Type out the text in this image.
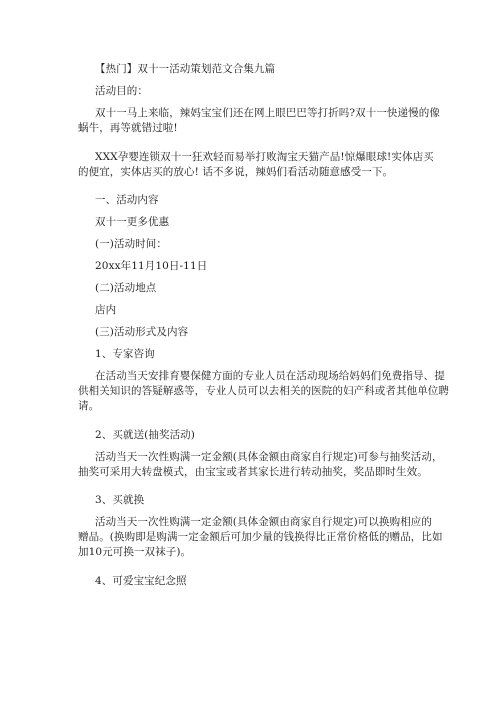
【热门】双十一活动策划范文合集九篇
活动目的：
双十一马上来临，辣妈宝宝们还在网上眼巴巴等打折吗?双十一快递慢的像
蜗牛，再等就错过啦!
XXX孕婴连锁双十一狂欢轻而易举打败淘宝天猫产品!惊爆眼球!实体店买
的便宜，实体店买的放心! 话不多说，辣妈们看活动随意感受一下。
一、活动内容
双十一更多优惠
(一)活动时间：
20xx年11月10日-11日
(二)活动地点
店内
(三)活动形式及内容
1、专家咨询
在活动当天安排育婴保健方面的专业人员在活动现场给妈妈们免费指导、提
供相关知识的答疑解惑等，专业人员可以去相关的医院的妇产科或者其他单位聘
请。
2、买就送(抽奖活动)
活动当天一次性购满一定金额(具体金额由商家自行规定)可参与抽奖活动，
抽奖可采用大转盘模式，由宝宝或者其家长进行转动抽奖，奖品即时生效。
3、买就换
活动当天一次性购满一定金额(具体金额由商家自行规定)可以换购相应的
赠品。(换购即是购满一定金额后可加少量的钱换得比正常价格低的赠品，比如
加10元可换一双袜子)。
4、可爱宝宝纪念照
